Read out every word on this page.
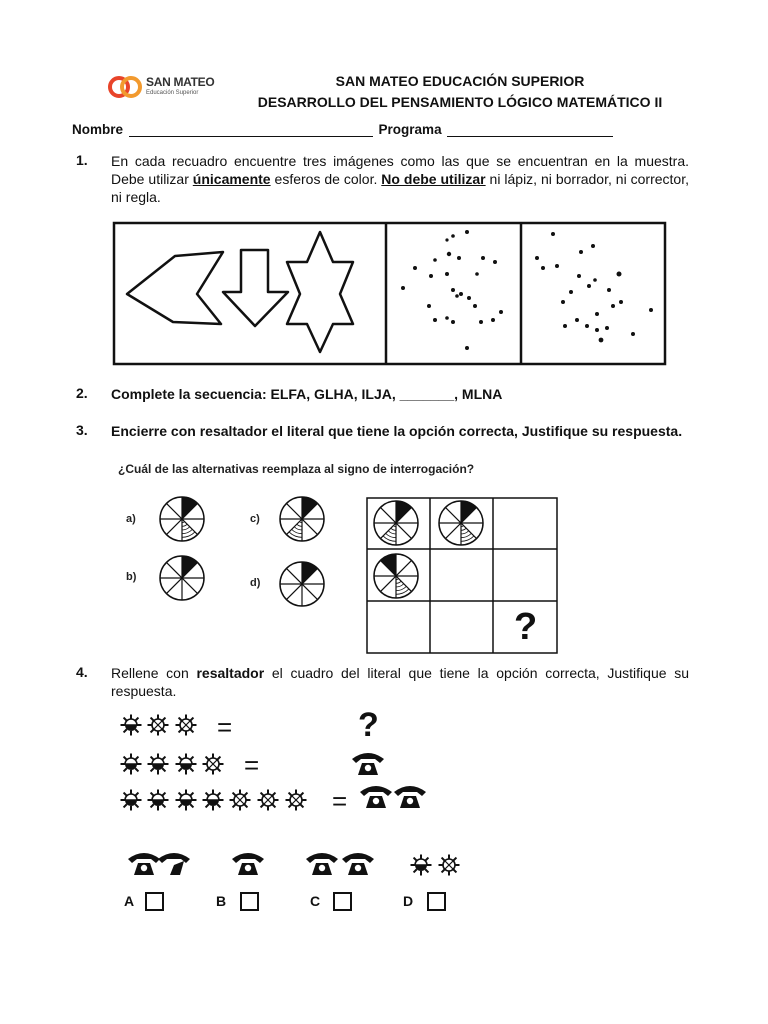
SAN MATEO
Educación Superior
SAN MATEO EDUCACIÓN SUPERIOR
DESARROLLO DEL PENSAMIENTO LÓGICO MATEMÁTICO II
Nombre	Programa
1. En cada recuadro encuentre tres imágenes como las que se encuentran en la muestra. Debe utilizar únicamente esferos de color. No debe utilizar ni lápiz, ni borrador, ni corrector, ni regla.
2. Complete la secuencia: ELFA, GLHA, ILJA, _______, MLNA
3. Encierre con resaltador el literal que tiene la opción correcta, Justifique su respuesta.
¿Cuál de las alternativas reemplaza al signo de interrogación?
a)
b)
c)
d)
?
4. Rellene con resaltador el cuadro del literal que tiene la opción correcta, Justifique su respuesta.
=
=
=
?
A	B	C	D
